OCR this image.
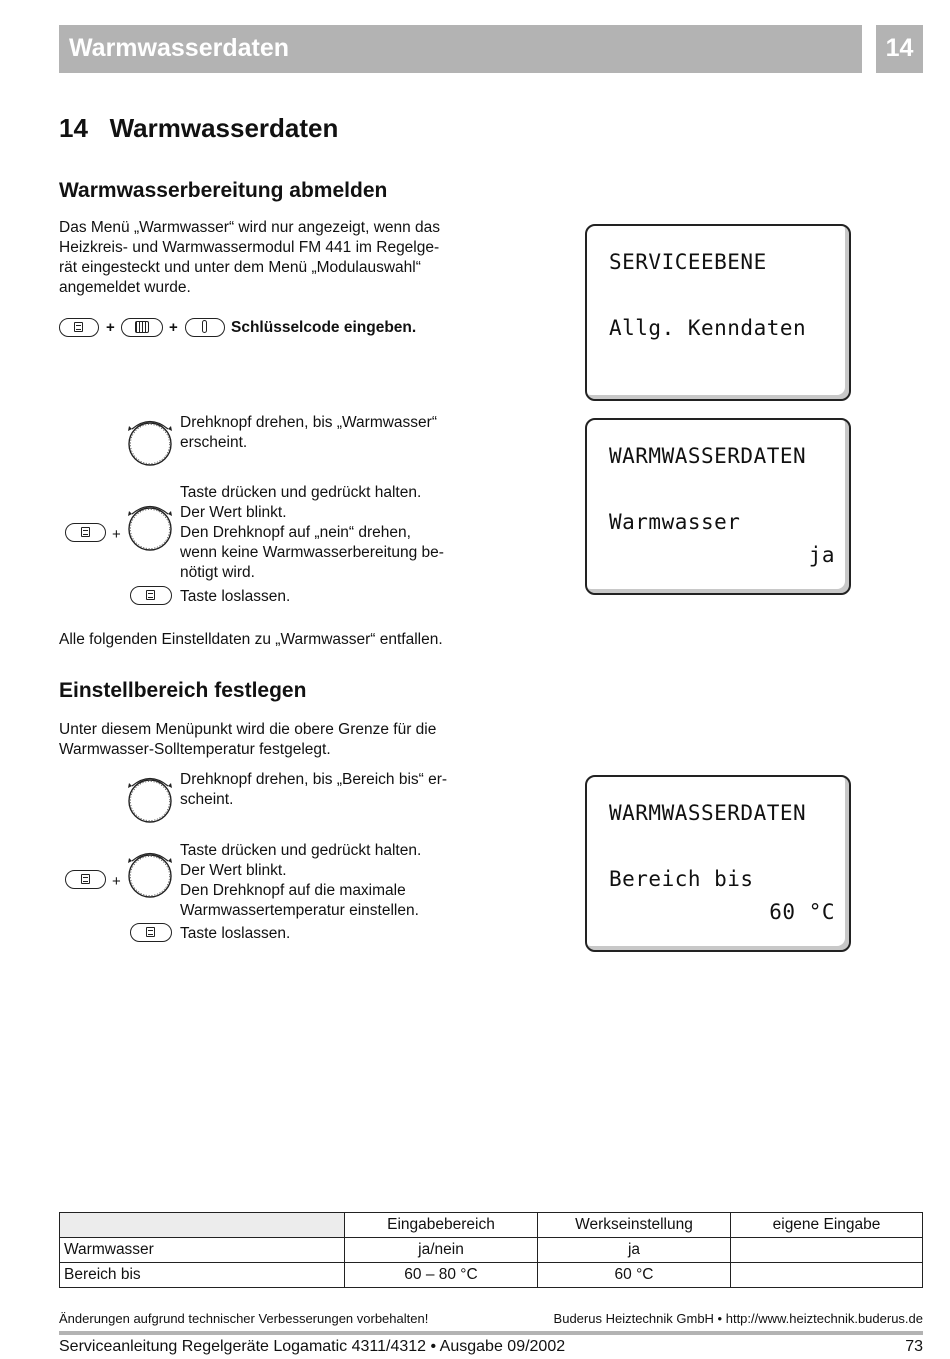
Warmwasserdaten	14
14   Warmwasserdaten
Warmwasserbereitung abmelden
Das Menü „Warmwasser“ wird nur angezeigt, wenn das
Heizkreis- und Warmwassermodul FM 441 im Regelge-
rät eingesteckt und unter dem Menü „Modulauswahl“
angemeldet wurde.
+	+	Schlüsselcode eingeben.
Drehknopf drehen, bis „Warmwasser“
erscheint.
+
Taste drücken und gedrückt halten.
Der Wert blinkt.
Den Drehknopf auf „nein“ drehen,
wenn keine Warmwasserbereitung be-
nötigt wird.
Taste loslassen.
Alle folgenden Einstelldaten zu „Warmwasser“ entfallen.
Einstellbereich festlegen
Unter diesem Menüpunkt wird die obere Grenze für die
Warmwasser-Solltemperatur festgelegt.
Drehknopf drehen, bis „Bereich bis“ er-
scheint.
+
Taste drücken und gedrückt halten.
Der Wert blinkt.
Den Drehknopf auf die maximale
Warmwassertemperatur einstellen.
Taste loslassen.
SERVICEEBENE
Allg. Kenndaten
WARMWASSERDATEN
Warmwasser
ja
WARMWASSERDATEN
Bereich bis
60 °C
	Eingabebereich	Werkseinstellung	eigene Eingabe
Warmwasser	ja/nein	ja	
Bereich bis	60 – 80 °C	60 °C	
Änderungen aufgrund technischer Verbesserungen vorbehalten!	Buderus Heiztechnik GmbH • http://www.heiztechnik.buderus.de
Serviceanleitung Regelgeräte Logamatic 4311/4312 • Ausgabe 09/2002	73
